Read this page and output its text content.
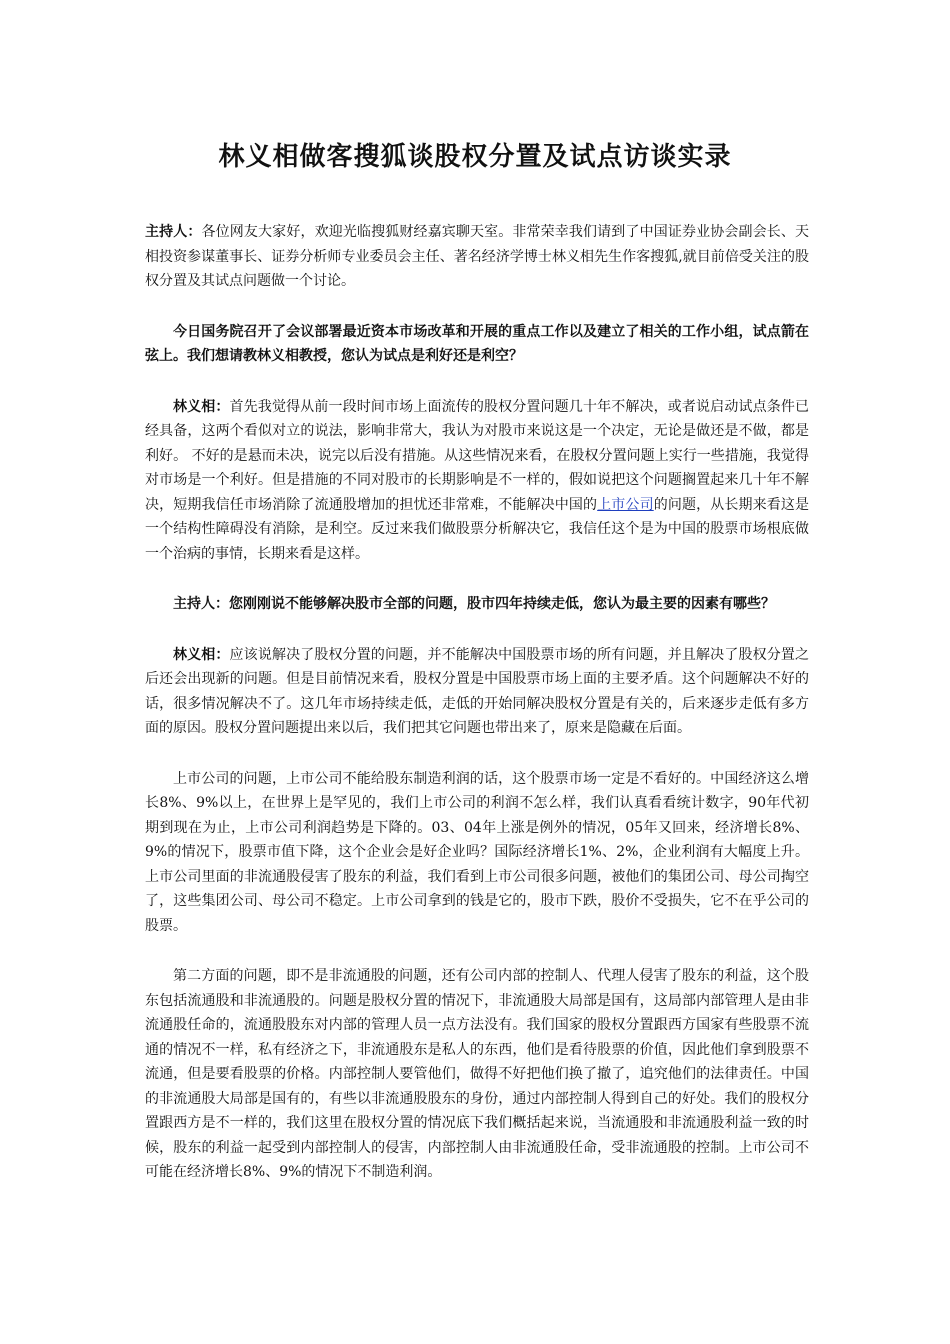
林义相做客搜狐谈股权分置及试点访谈实录

主持人：各位网友大家好，欢迎光临搜狐财经嘉宾聊天室。非常荣幸我们请到了中国证券业协会副会长、天相投资参谋董事长、证券分析师专业委员会主任、著名经济学博士林义相先生作客搜狐,就目前倍受关注的股权分置及其试点问题做一个讨论。

今日国务院召开了会议部署最近资本市场改革和开展的重点工作以及建立了相关的工作小组，试点箭在弦上。我们想请教林义相教授，您认为试点是利好还是利空？

林义相：首先我觉得从前一段时间市场上面流传的股权分置问题几十年不解决，或者说启动试点条件已经具备，这两个看似对立的说法，影响非常大，我认为对股市来说这是一个决定，无论是做还是不做，都是利好。 不好的是悬而未决，说完以后没有措施。从这些情况来看，在股权分置问题上实行一些措施，我觉得对市场是一个利好。但是措施的不同对股市的长期影响是不一样的，假如说把这个问题搁置起来几十年不解决，短期我信任市场消除了流通股增加的担忧还非常难，不能解决中国的上市公司的问题，从长期来看这是一个结构性障碍没有消除，是利空。反过来我们做股票分析解决它，我信任这个是为中国的股票市场根底做一个治病的事情，长期来看是这样。

主持人：您刚刚说不能够解决股市全部的问题，股市四年持续走低，您认为最主要的因素有哪些？

林义相：应该说解决了股权分置的问题，并不能解决中国股票市场的所有问题，并且解决了股权分置之后还会出现新的问题。但是目前情况来看，股权分置是中国股票市场上面的主要矛盾。这个问题解决不好的话，很多情况解决不了。这几年市场持续走低，走低的开始同解决股权分置是有关的，后来逐步走低有多方面的原因。股权分置问题提出来以后，我们把其它问题也带出来了，原来是隐藏在后面。

上市公司的问题，上市公司不能给股东制造利润的话，这个股票市场一定是不看好的。中国经济这么增长8%、9%以上，在世界上是罕见的，我们上市公司的利润不怎么样，我们认真看看统计数字，90年代初期到现在为止，上市公司利润趋势是下降的。03、04年上涨是例外的情况，05年又回来，经济增长8%、9%的情况下，股票市值下降，这个企业会是好企业吗？国际经济增长1%、2%，企业利润有大幅度上升。上市公司里面的非流通股侵害了股东的利益，我们看到上市公司很多问题，被他们的集团公司、母公司掏空了，这些集团公司、母公司不稳定。上市公司拿到的钱是它的，股市下跌，股价不受损失，它不在乎公司的股票。

第二方面的问题，即不是非流通股的问题，还有公司内部的控制人、代理人侵害了股东的利益，这个股东包括流通股和非流通股的。问题是股权分置的情况下，非流通股大局部是国有，这局部内部管理人是由非流通股任命的，流通股股东对内部的管理人员一点方法没有。我们国家的股权分置跟西方国家有些股票不流通的情况不一样，私有经济之下，非流通股东是私人的东西，他们是看待股票的价值，因此他们拿到股票不流通，但是要看股票的价格。内部控制人要管他们，做得不好把他们换了撤了，追究他们的法律责任。中国的非流通股大局部是国有的，有些以非流通股股东的身份，通过内部控制人得到自己的好处。我们的股权分置跟西方是不一样的，我们这里在股权分置的情况底下我们概括起来说，当流通股和非流通股利益一致的时候，股东的利益一起受到内部控制人的侵害，内部控制人由非流通股任命，受非流通股的控制。上市公司不可能在经济增长8%、9%的情况下不制造利润。
